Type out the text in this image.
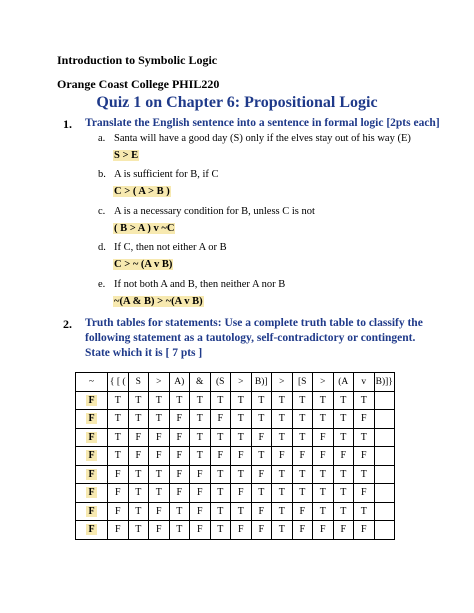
Introduction to Symbolic Logic
Orange Coast College PHIL220
Quiz 1 on Chapter 6: Propositional Logic
1. Translate the English sentence into a sentence in formal logic [2pts each]
a. Santa will have a good day (S) only if the elves stay out of his way (E)
S > E
b. A is sufficient for B, if C
C > ( A > B )
c. A is a necessary condition for B, unless C is not
( B > A ) v ~C
d. If C, then not either A or B
C > ~ (A v B)
e. If not both A and B, then neither A nor B
~(A & B) > ~(A v B)
2. Truth tables for statements: Use a complete truth table to classify the
following statement as a tautology, self-contradictory or contingent.
State which it is [ 7 pts ]
~	{ [ (	S	>	A)	&	(S	>	B)]	>	[S	>	(A	v	B)]}
F	T	T	T	T	T	T	T	T	T	T	T	T	T	
F	T	T	T	F	T	F	T	T	T	T	T	T	F	
F	T	F	F	F	T	T	T	F	T	T	F	T	T	
F	T	F	F	F	T	F	F	T	F	F	F	F	F	
F	F	T	T	F	F	T	T	F	T	T	T	T	T	
F	F	T	T	F	F	T	F	T	T	T	T	T	F	
F	F	T	F	T	F	T	T	F	T	F	T	T	T	
F	F	T	F	T	F	T	F	F	T	F	F	F	F	
